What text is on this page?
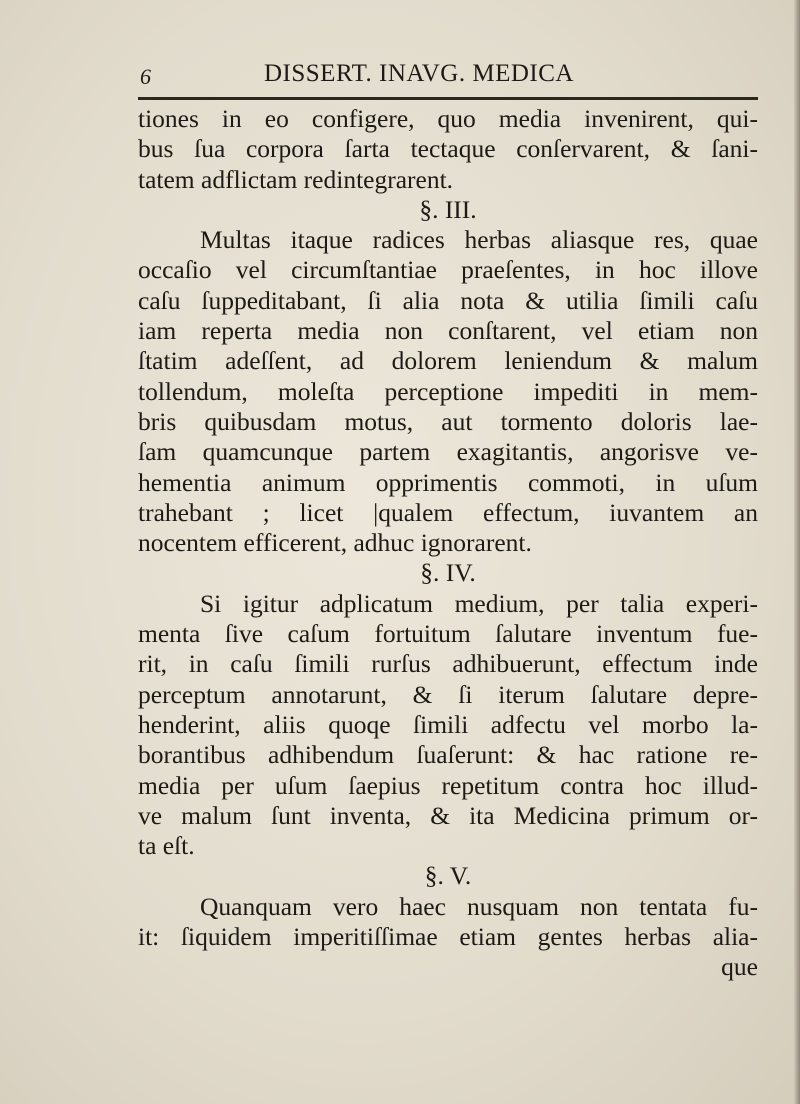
6	DISSERT. INAVG. MEDICA
tiones in eo configere, quo media invenirent, qui-
bus ſua corpora ſarta tectaque conſervarent, & ſani-
tatem adflictam redintegrarent.
§. III.
Multas itaque radices herbas aliasque res, quae
occaſio vel circumſtantiae praeſentes, in hoc illove
caſu ſuppeditabant, ſi alia nota & utilia ſimili caſu
iam reperta media non conſtarent, vel etiam non
ſtatim adeſſent, ad dolorem leniendum & malum
tollendum, moleſta perceptione impediti in mem-
bris quibusdam motus, aut tormento doloris lae-
ſam quamcunque partem exagitantis, angorisve ve-
hementia animum opprimentis commoti, in uſum
trahebant ; licet |qualem effectum, iuvantem an
nocentem efficerent, adhuc ignorarent.
§. IV.
Si igitur adplicatum medium, per talia experi-
menta ſive caſum fortuitum ſalutare inventum fue-
rit, in caſu ſimili rurſus adhibuerunt, effectum inde
perceptum annotarunt, & ſi iterum ſalutare depre-
henderint, aliis quoqe ſimili adfectu vel morbo la-
borantibus adhibendum ſuaſerunt: & hac ratione re-
media per uſum ſaepius repetitum contra hoc illud-
ve malum ſunt inventa, & ita Medicina primum or-
ta eſt.
§. V.
Quanquam vero haec nusquam non tentata fu-
it: ſiquidem imperitiſſimae etiam gentes herbas alia-
que
